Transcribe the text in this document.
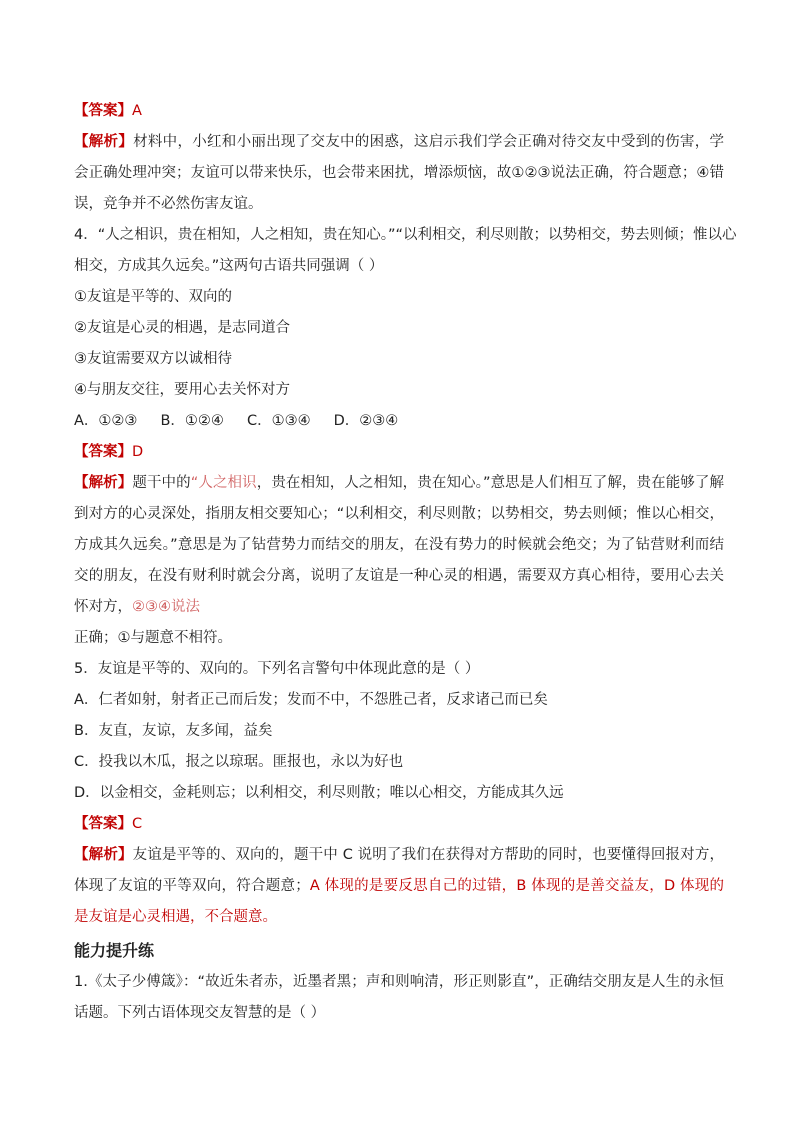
【答案】A
【解析】材料中，小红和小丽出现了交友中的困惑，这启示我们学会正确对待交友中受到的伤害，学会正确处理冲突；友谊可以带来快乐，也会带来困扰，增添烦恼，故①②③说法正确，符合题意；④错误，竞争并不必然伤害友谊。
4．“人之相识，贵在相知，人之相知，贵在知心。”“以利相交，利尽则散；以势相交，势去则倾；惟以心
相交，方成其久远矣。”这两句古语共同强调（ ）
①友谊是平等的、双向的
②友谊是心灵的相遇，是志同道合
③友谊需要双方以诚相待
④与朋友交往，要用心去关怀对方
A．①②③     B．①②④     C．①③④     D．②③④
【答案】D
【解析】题干中的“人之相识，贵在相知，人之相知，贵在知心。”意思是人们相互了解，贵在能够了解到对方的心灵深处，指朋友相交要知心；“以利相交，利尽则散；以势相交，势去则倾；惟以心相交，方成其久远矣。”意思是为了钻营势力而结交的朋友，在没有势力的时候就会绝交；为了钻营财利而结交的朋友，在没有财利时就会分离，说明了友谊是一种心灵的相遇，需要双方真心相待，要用心去关怀对方，②③④说法
正确；①与题意不相符。
5．友谊是平等的、双向的。下列名言警句中体现此意的是（ ）
A．仁者如射，射者正己而后发；发而不中，不怨胜己者，反求诸己而已矣
B．友直，友谅，友多闻，益矣
C．投我以木瓜，报之以琼琚。匪报也，永以为好也
D．以金相交，金耗则忘；以利相交，利尽则散；唯以心相交，方能成其久远
【答案】C
【解析】友谊是平等的、双向的，题干中 C 说明了我们在获得对方帮助的同时，也要懂得回报对方，体现了友谊的平等双向，符合题意；A 体现的是要反思自己的过错，B 体现的是善交益友，D 体现的是友谊是心灵相遇，不合题意。
能力提升练
1.《太子少傅箴》：“故近朱者赤，近墨者黑；声和则响清，形正则影直”，正确结交朋友是人生的永恒话题。下列古语体现交友智慧的是（ ）
